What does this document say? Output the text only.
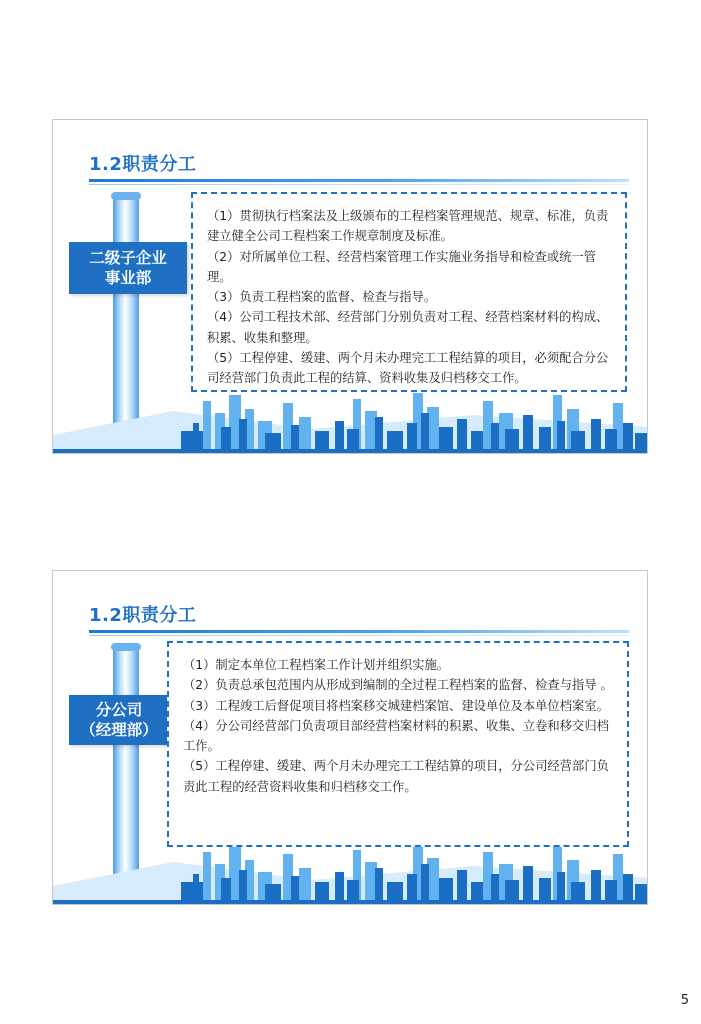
1.2职责分工
二级子企业
事业部

（1）贯彻执行档案法及上级颁布的工程档案管理规范、规章、标准，负责建立健全公司工程档案工作规章制度及标准。

（2）对所属单位工程、经营档案管理工作实施业务指导和检查或统一管理。

（3）负责工程档案的监督、检查与指导。

（4）公司工程技术部、经营部门分别负责对工程、经营档案材料的构成、积累、收集和整理。

（5）工程停建、缓建、两个月未办理完工工程结算的项目，必须配合分公司经营部门负责此工程的结算、资料收集及归档移交工作。

1.2职责分工
分公司
（经理部）

（1）制定本单位工程档案工作计划并组织实施。

（2）负责总承包范围内从形成到编制的全过程工程档案的监督、检查与指导 。

（3）工程竣工后督促项目将档案移交城建档案馆、建设单位及本单位档案室。

（4）分公司经营部门负责项目部经营档案材料的积累、收集、立卷和移交归档工作。

（5）工程停建、缓建、两个月未办理完工工程结算的项目，分公司经营部门负责此工程的经营资料收集和归档移交工作。

5
